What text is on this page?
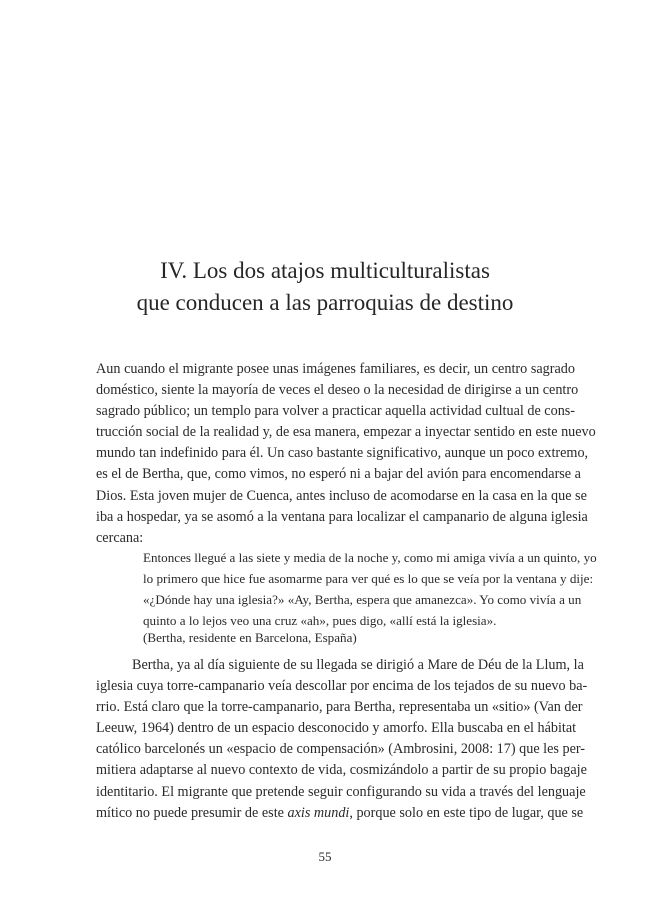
IV. Los dos atajos multiculturalistas
que conducen a las parroquias de destino
Aun cuando el migrante posee unas imágenes familiares, es decir, un centro sagrado
doméstico, siente la mayoría de veces el deseo o la necesidad de dirigirse a un centro
sagrado público; un templo para volver a practicar aquella actividad cultual de cons-
trucción social de la realidad y, de esa manera, empezar a inyectar sentido en este nuevo
mundo tan indefinido para él. Un caso bastante significativo, aunque un poco extremo,
es el de Bertha, que, como vimos, no esperó ni a bajar del avión para encomendarse a
Dios. Esta joven mujer de Cuenca, antes incluso de acomodarse en la casa en la que se
iba a hospedar, ya se asomó a la ventana para localizar el campanario de alguna iglesia
cercana:
Entonces llegué a las siete y media de la noche y, como mi amiga vivía a un quinto, yo
lo primero que hice fue asomarme para ver qué es lo que se veía por la ventana y dije:
«¿Dónde hay una iglesia?» «Ay, Bertha, espera que amanezca». Yo como vivía a un
quinto a lo lejos veo una cruz «ah», pues digo, «allí está la iglesia».
(Bertha, residente en Barcelona, España)
Bertha, ya al día siguiente de su llegada se dirigió a Mare de Déu de la Llum, la
iglesia cuya torre-campanario veía descollar por encima de los tejados de su nuevo ba-
rrio. Está claro que la torre-campanario, para Bertha, representaba un «sitio» (Van der
Leeuw, 1964) dentro de un espacio desconocido y amorfo. Ella buscaba en el hábitat
católico barcelonés un «espacio de compensación» (Ambrosini, 2008: 17) que les per-
mitiera adaptarse al nuevo contexto de vida, cosmizándolo a partir de su propio bagaje
identitario. El migrante que pretende seguir configurando su vida a través del lenguaje
mítico no puede presumir de este axis mundi, porque solo en este tipo de lugar, que se
55
